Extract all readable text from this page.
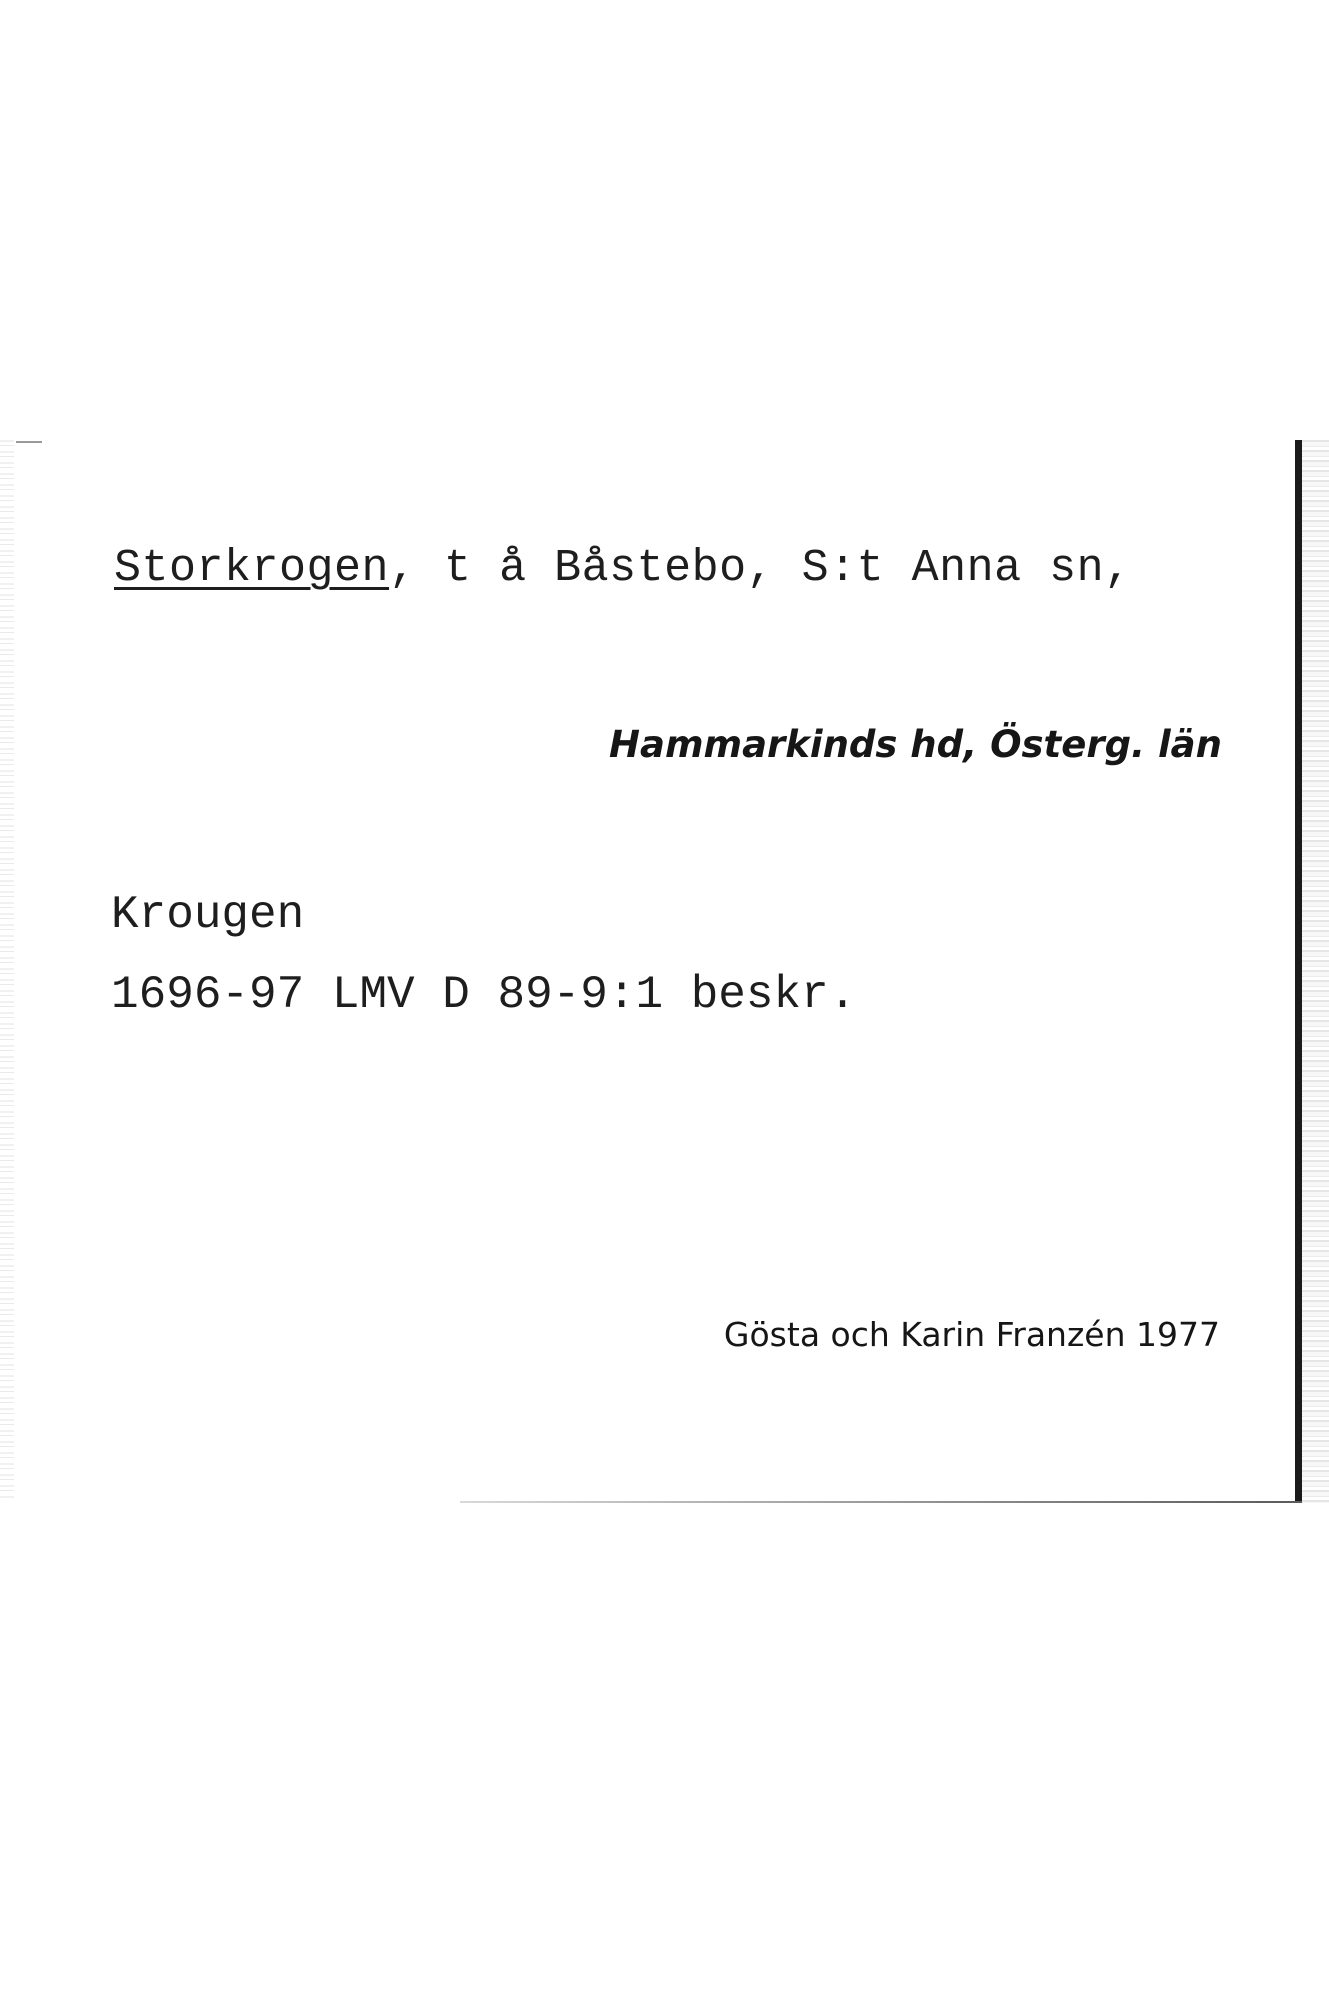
Storkrogen, t å Båstebo, S:t Anna sn,

Hammarkinds hd, Österg. län

Krougen

1696-97 LMV D 89-9:1 beskr.

Gösta och Karin Franzén 1977
